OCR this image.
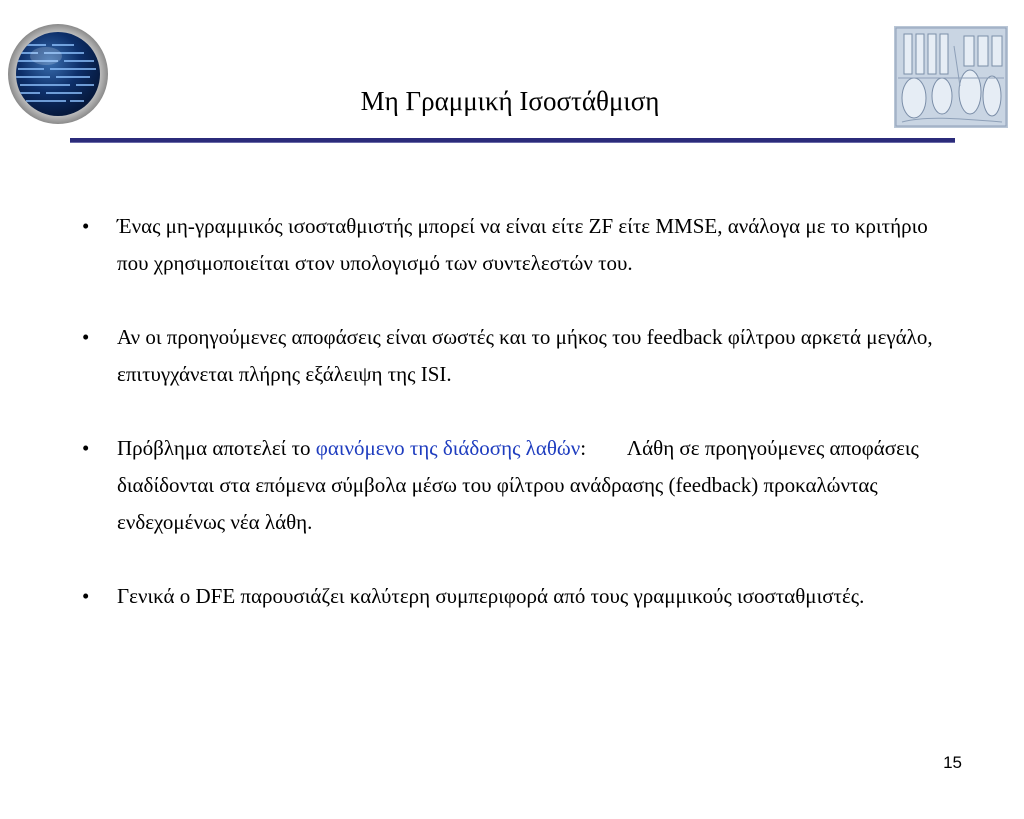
Μη Γραμμική Ισοστάθμιση
• Ένας μη-γραμμικός ισοσταθμιστής μπορεί να είναι είτε ZF είτε MMSE, ανάλογα με το κριτήριο που χρησιμοποιείται στον υπολογισμό των συντελεστών του.
• Αν οι προηγούμενες αποφάσεις είναι σωστές και το μήκος του feedback φίλτρου αρκετά μεγάλο, επιτυγχάνεται πλήρης εξάλειψη της ISI.
• Πρόβλημα αποτελεί το φαινόμενο της διάδοσης λαθών:        Λάθη σε προηγούμενες αποφάσεις διαδίδονται στα επόμενα σύμβολα μέσω του φίλτρου ανάδρασης (feedback) προκαλώντας ενδεχομένως νέα λάθη.
• Γενικά ο DFE παρουσιάζει καλύτερη συμπεριφορά από τους γραμμικούς ισοσταθμιστές.
15
